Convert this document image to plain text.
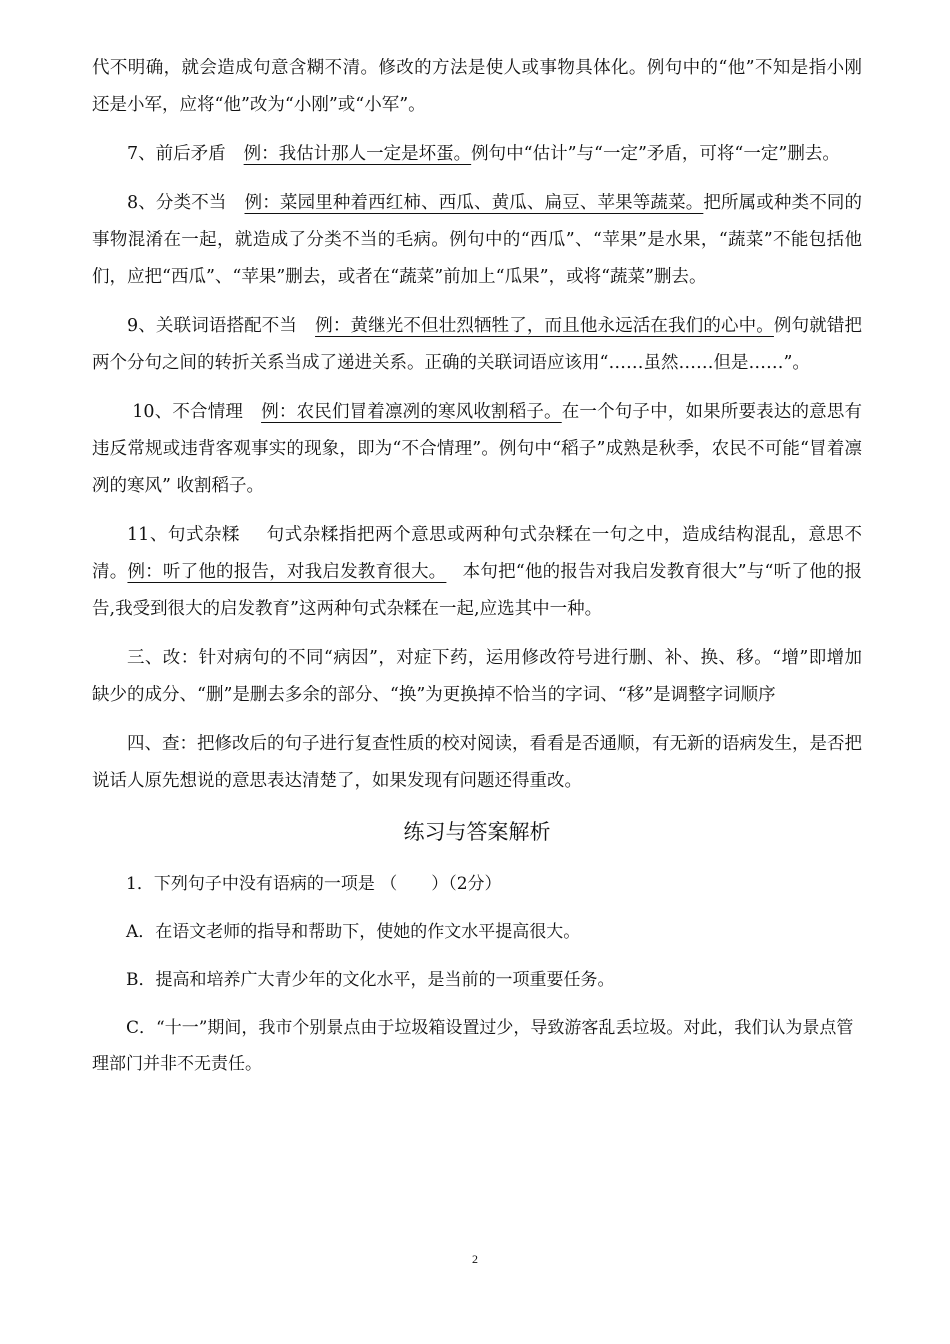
代不明确，就会造成句意含糊不清。修改的方法是使人或事物具体化。例句中的“他”不知是指小刚还是小军，应将“他”改为“小刚”或“小军”。

7、前后矛盾 例：我估计那人一定是坏蛋。例句中“估计”与“一定”矛盾，可将“一定”删去。

8、分类不当 例：菜园里种着西红柿、西瓜、黄瓜、扁豆、苹果等蔬菜。把所属或种类不同的事物混淆在一起，就造成了分类不当的毛病。例句中的“西瓜”、“苹果”是水果，“蔬菜”不能包括他们，应把“西瓜”、“苹果”删去，或者在“蔬菜”前加上“瓜果”，或将“蔬菜”删去。

9、关联词语搭配不当 例：黄继光不但壮烈牺牲了，而且他永远活在我们的心中。例句就错把两个分句之间的转折关系当成了递进关系。正确的关联词语应该用“……虽然……但是……”。

10、不合情理 例：农民们冒着凛冽的寒风收割稻子。在一个句子中，如果所要表达的意思有违反常规或违背客观事实的现象，即为“不合情理”。例句中“稻子”成熟是秋季，农民不可能“冒着凛冽的寒风” 收割稻子。

11、句式杂糅 句式杂糅指把两个意思或两种句式杂糅在一句之中，造成结构混乱，意思不清。例：听了他的报告，对我启发教育很大。 本句把“他的报告对我启发教育很大”与“听了他的报告,我受到很大的启发教育”这两种句式杂糅在一起,应选其中一种。

三、改：针对病句的不同“病因”，对症下药，运用修改符号进行删、补、换、移。“增”即增加缺少的成分、“删”是删去多余的部分、“换”为更换掉不恰当的字词、“移”是调整字词顺序

四、查：把修改后的句子进行复查性质的校对阅读，看看是否通顺，有无新的语病发生，是否把说话人原先想说的意思表达清楚了，如果发现有问题还得重改。

练习与答案解析

1．下列句子中没有语病的一项是 （　　）（2分）

A．在语文老师的指导和帮助下，使她的作文水平提高很大。

B．提高和培养广大青少年的文化水平，是当前的一项重要任务。

C．“十一”期间，我市个别景点由于垃圾箱设置过少，导致游客乱丢垃圾。对此，我们认为景点管理部门并非不无责任。

2
